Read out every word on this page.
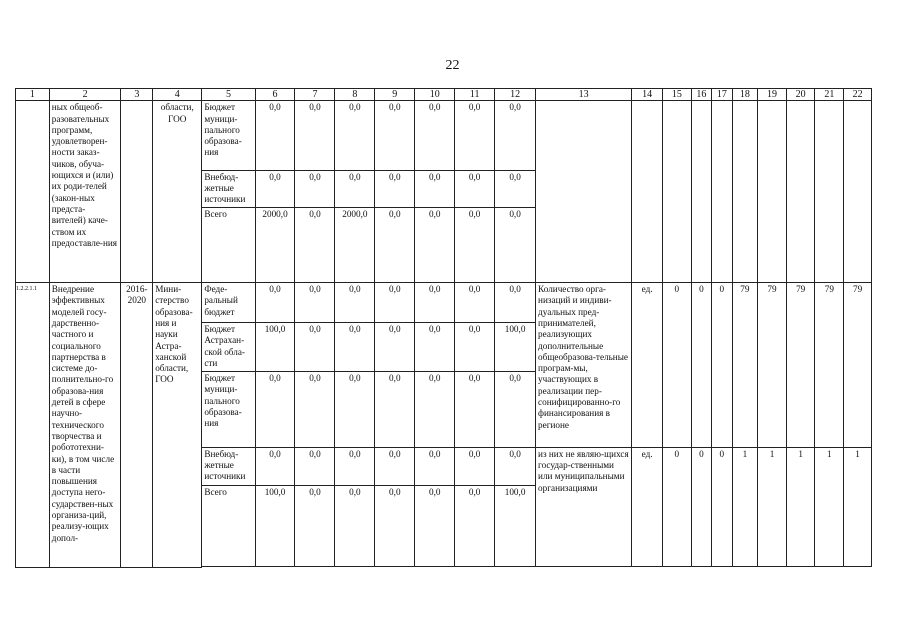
22
1	2	3	4	5	6	7	8	9	10	11	12	13	14	15	16	17	18	19	20	21	22
	ных общеоб-разовательных программ, удовлетворен-ности заказ-чиков, обуча-ющихся и (или) их роди-телей (закон-ных предста-вителей) каче-ством их предоставле-ния		области, ГОО	Бюджет муници-пального образова-ния	0,0	0,0	0,0	0,0	0,0	0,0	0,0										
				Внебюд-жетные источники	0,0	0,0	0,0	0,0	0,0	0,0	0,0										
				Всего	2000,0	0,0	2000,0	0,0	0,0	0,0	0,0										

1.2.2.1.1	Внедрение эффективных моделей госу-дарственно-частного и социального партнерства в системе до-полнительно-го образова-ния детей в сфере научно-технического творчества и робототехни-ки), в том числе в части повышения доступа него-сударствен-ных организа-ций, реализу-ющих допол-	2016-2020	Мини-стерство образова-ния и науки Астра-ханской области, ГОО	Феде-ральный бюджет	0,0	0,0	0,0	0,0	0,0	0,0	0,0	Количество орга-низаций и индиви-дуальных пред-принимателей, реализующих дополнительные общеобразова-тельные програм-мы, участвующих в реализации пер-сонифицированно-го финансирования в регионе	ед.	0	0	0	79	79	79	79	79
				Бюджет Астрахан-ской обла-сти	100,0	0,0	0,0	0,0	0,0	0,0	100,0										
				Бюджет муници-пального образова-ния	0,0	0,0	0,0	0,0	0,0	0,0	0,0										
				Внебюд-жетные источники	0,0	0,0	0,0	0,0	0,0	0,0	0,0	из них не являю-щихся государ-ственными или муниципальными организациями	ед.	0	0	0	1	1	1	1	1
				Всего	100,0	0,0	0,0	0,0	0,0	0,0	100,0										
